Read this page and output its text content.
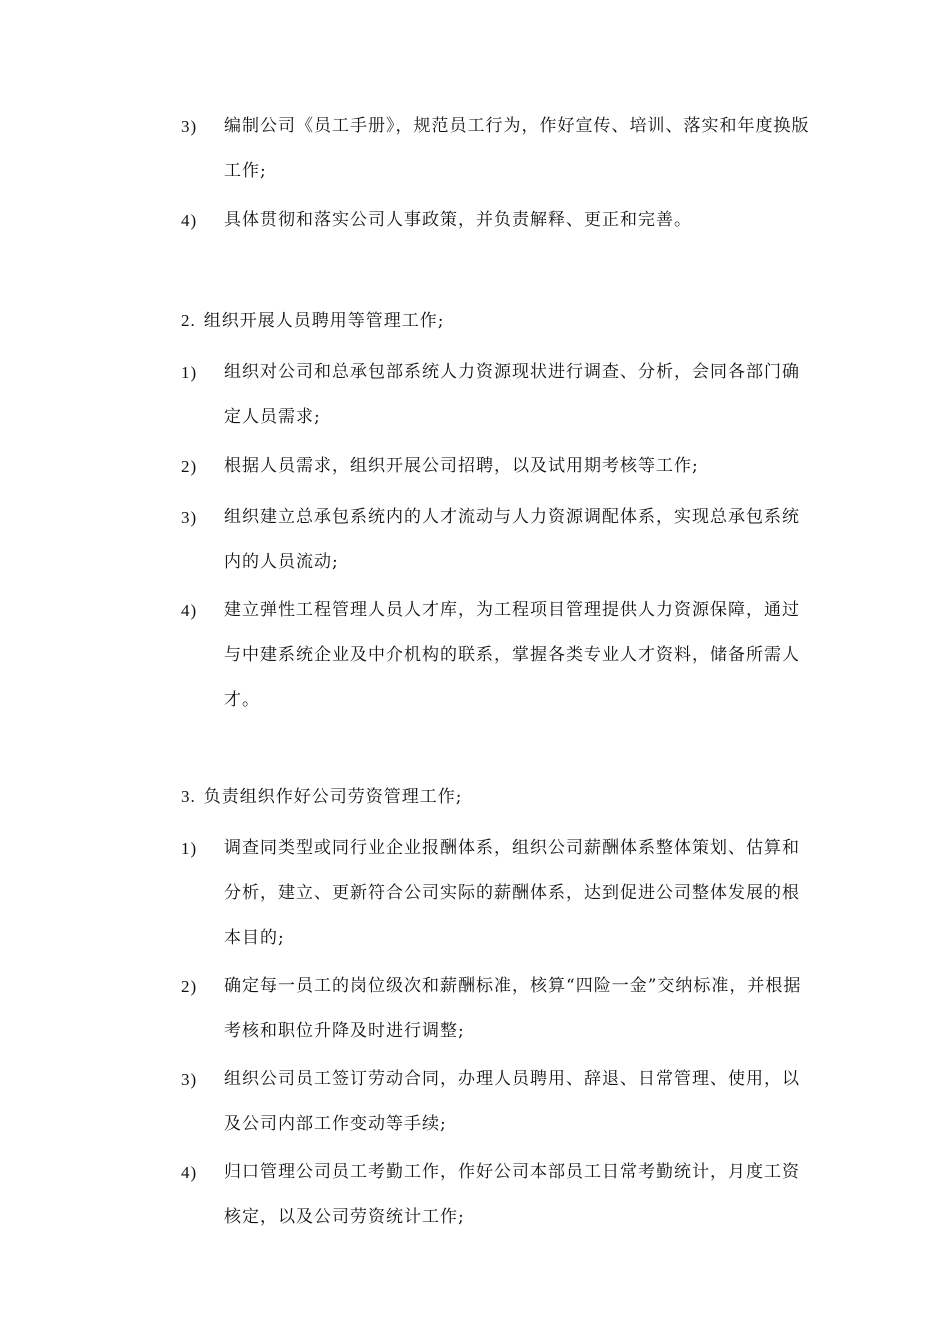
3) 编制公司《员工手册》，规范员工行为，作好宣传、培训、落实和年度换版工作;
4) 具体贯彻和落实公司人事政策，并负责解释、更正和完善。
2. 组织开展人员聘用等管理工作;
1) 组织对公司和总承包部系统人力资源现状进行调查、分析，会同各部门确定人员需求;
2) 根据人员需求，组织开展公司招聘，以及试用期考核等工作;
3) 组织建立总承包系统内的人才流动与人力资源调配体系，实现总承包系统内的人员流动;
4) 建立弹性工程管理人员人才库，为工程项目管理提供人力资源保障，通过与中建系统企业及中介机构的联系，掌握各类专业人才资料，储备所需人才。
3. 负责组织作好公司劳资管理工作;
1) 调查同类型或同行业企业报酬体系，组织公司薪酬体系整体策划、估算和分析，建立、更新符合公司实际的薪酬体系，达到促进公司整体发展的根本目的;
2) 确定每一员工的岗位级次和薪酬标准，核算“四险一金”交纳标准，并根据考核和职位升降及时进行调整;
3) 组织公司员工签订劳动合同，办理人员聘用、辞退、日常管理、使用，以及公司内部工作变动等手续;
4) 归口管理公司员工考勤工作，作好公司本部员工日常考勤统计，月度工资核定，以及公司劳资统计工作;
